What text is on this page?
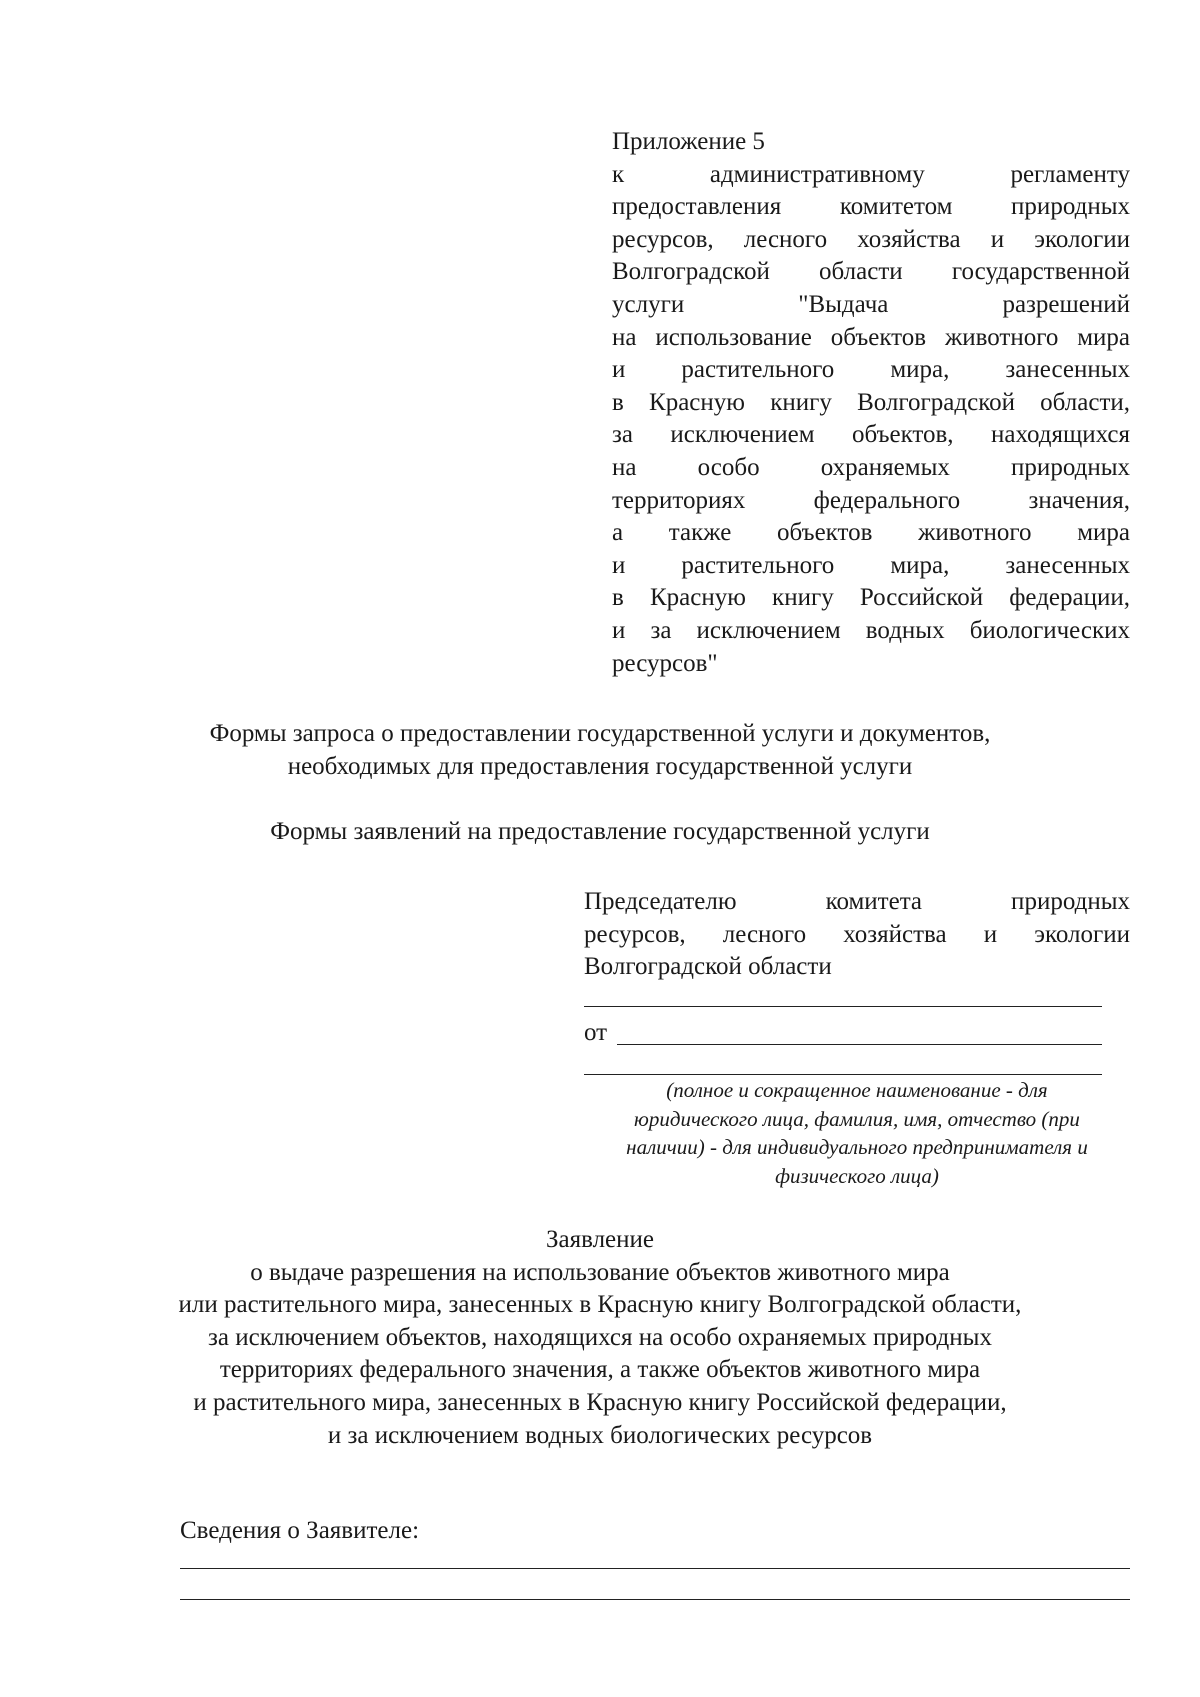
Приложение 5
к административному регламенту
предоставления комитетом природных
ресурсов, лесного хозяйства и экологии
Волгоградской области государственной
услуги "Выдача разрешений
на использование объектов животного мира
и растительного мира, занесенных
в Красную книгу Волгоградской области,
за исключением объектов, находящихся
на особо охраняемых природных
территориях федерального значения,
а также объектов животного мира
и растительного мира, занесенных
в Красную книгу Российской федерации,
и за исключением водных биологических
ресурсов"
Формы запроса о предоставлении государственной услуги и документов,
необходимых для предоставления государственной услуги
Формы заявлений на предоставление государственной услуги
Председателю комитета природных
ресурсов, лесного хозяйства и экологии
Волгоградской области
от
(полное и сокращенное наименование - для
юридического лица, фамилия, имя, отчество (при
наличии) - для индивидуального предпринимателя и
физического лица)
Заявление
о выдаче разрешения на использование объектов животного мира
или растительного мира, занесенных в Красную книгу Волгоградской области,
за исключением объектов, находящихся на особо охраняемых природных
территориях федерального значения, а также объектов животного мира
и растительного мира, занесенных в Красную книгу Российской федерации,
и за исключением водных биологических ресурсов
Сведения о Заявителе:
